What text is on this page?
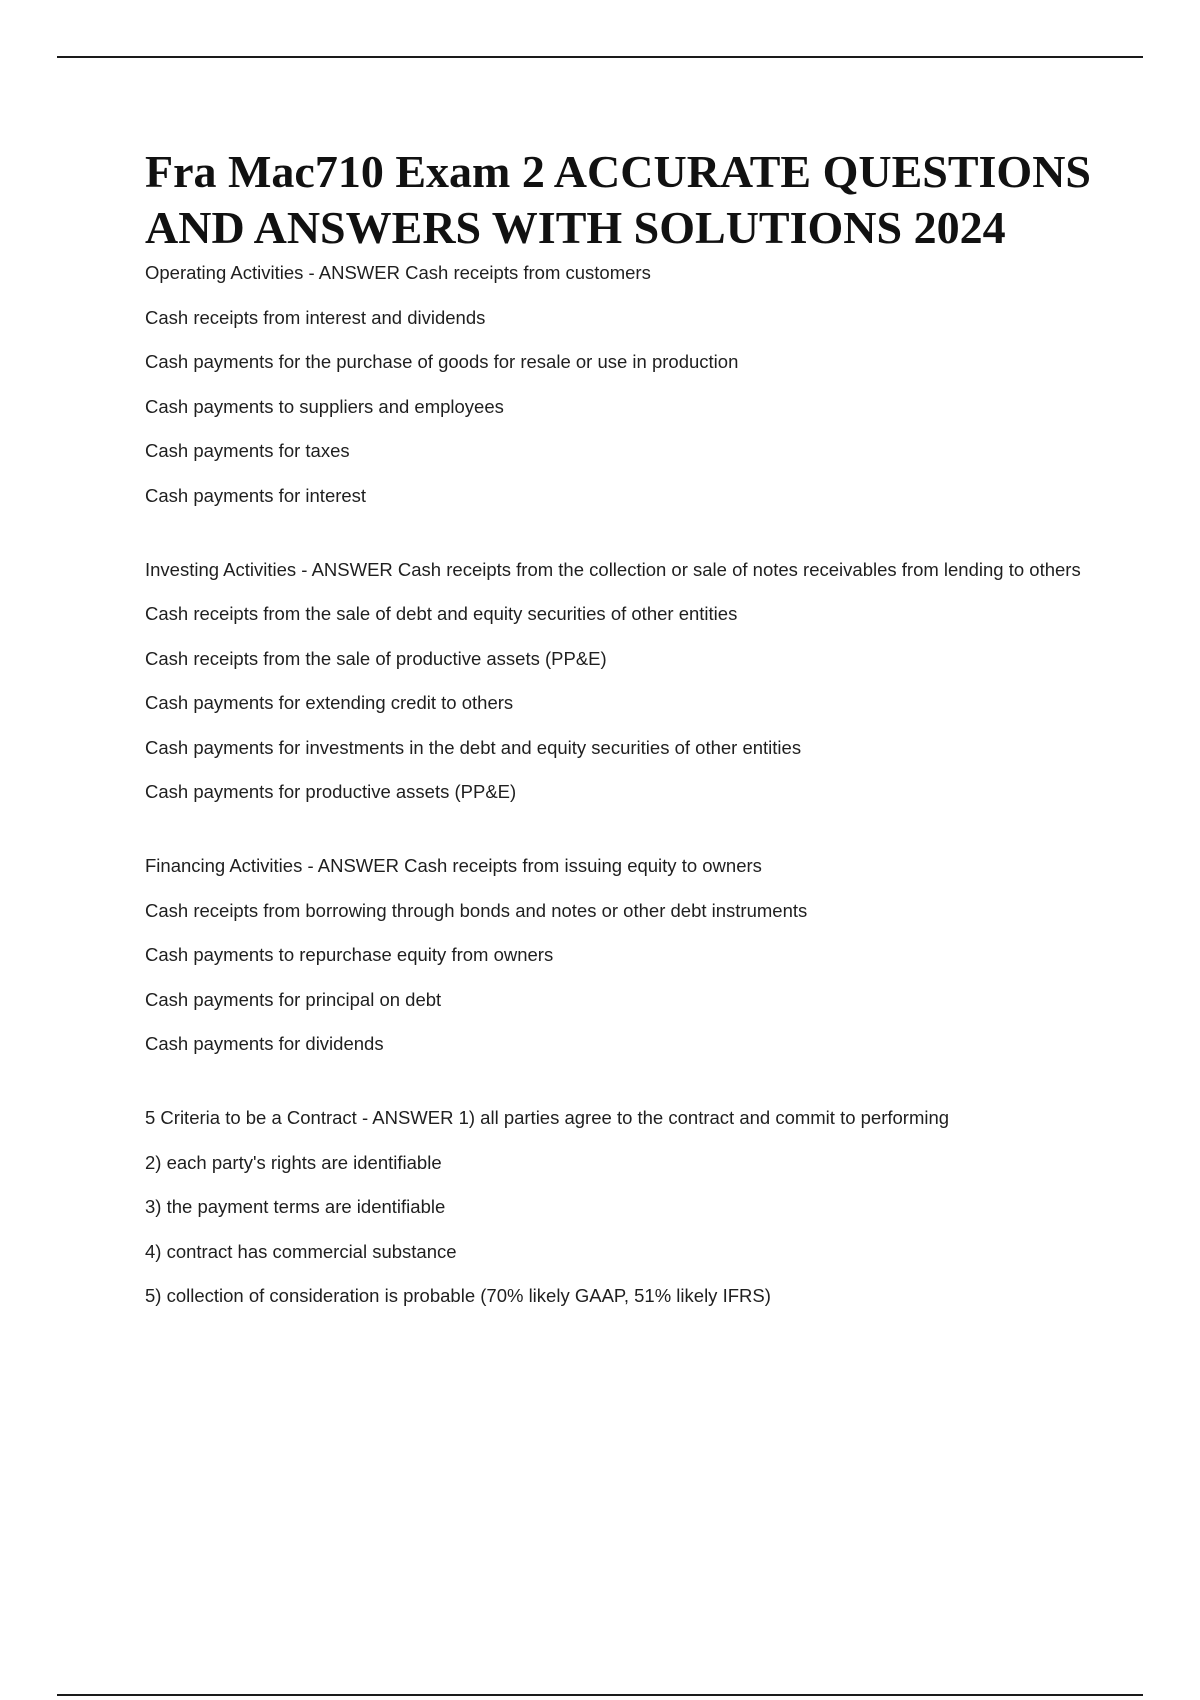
Fra Mac710 Exam 2 ACCURATE QUESTIONS AND ANSWERS WITH SOLUTIONS 2024

Operating Activities - ANSWER Cash receipts from customers

Cash receipts from interest and dividends

Cash payments for the purchase of goods for resale or use in production

Cash payments to suppliers and employees

Cash payments for taxes

Cash payments for interest

Investing Activities - ANSWER Cash receipts from the collection or sale of notes receivables from lending to others

Cash receipts from the sale of debt and equity securities of other entities

Cash receipts from the sale of productive assets (PP&E)

Cash payments for extending credit to others

Cash payments for investments in the debt and equity securities of other entities

Cash payments for productive assets (PP&E)

Financing Activities - ANSWER Cash receipts from issuing equity to owners

Cash receipts from borrowing through bonds and notes or other debt instruments

Cash payments to repurchase equity from owners

Cash payments for principal on debt

Cash payments for dividends

5 Criteria to be a Contract - ANSWER 1) all parties agree to the contract and commit to performing

2) each party's rights are identifiable

3) the payment terms are identifiable

4) contract has commercial substance

5) collection of consideration is probable (70% likely GAAP, 51% likely IFRS)
